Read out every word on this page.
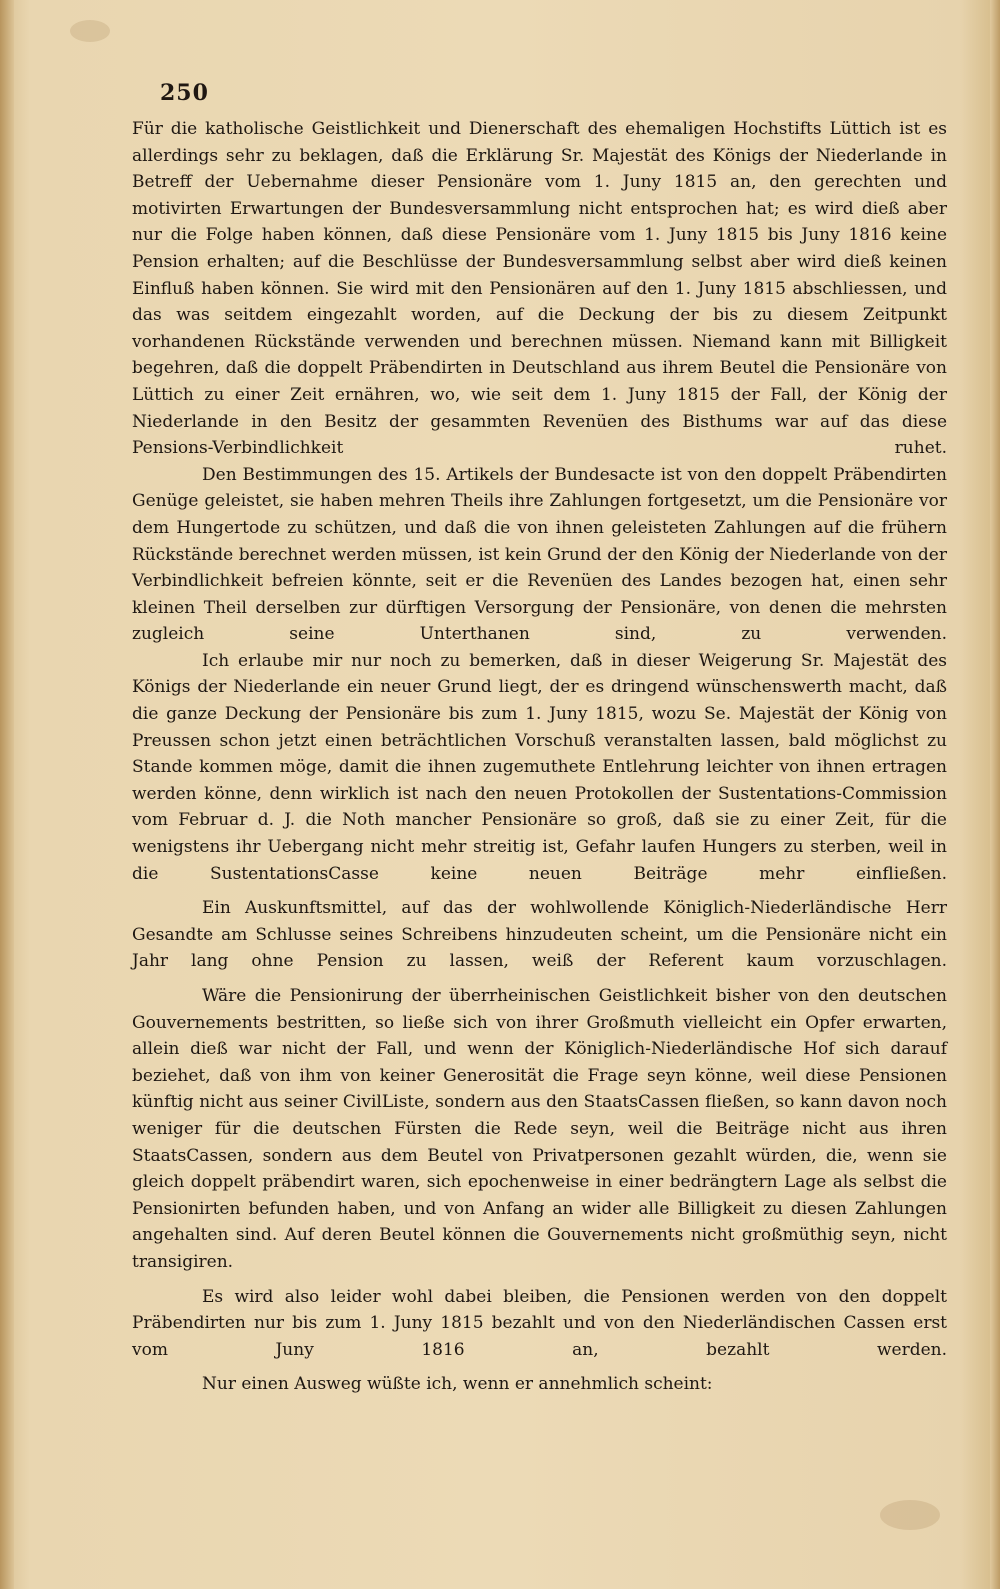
250

Für die katholische Geistlichkeit und Dienerschaft des ehemaligen Hochstifts Lüttich ist es allerdings sehr zu beklagen, daß die Erklärung Sr. Majestät des Königs der Niederlande in Betreff der Uebernahme dieser Pensionäre vom 1. Juny 1815 an, den gerechten und motivirten Erwartungen der Bundesversammlung nicht entsprochen hat; es wird dieß aber nur die Folge haben können, daß diese Pensionäre vom 1. Juny 1815 bis Juny 1816 keine Pension erhalten; auf die Beschlüsse der Bundesversammlung selbst aber wird dieß keinen Einfluß haben können. Sie wird mit den Pensionären auf den 1. Juny 1815 abschliessen, und das was seitdem eingezahlt worden, auf die Deckung der bis zu diesem Zeitpunkt vorhandenen Rückstände verwenden und berechnen müssen. Niemand kann mit Billigkeit begehren, daß die doppelt Präbendirten in Deutschland aus ihrem Beutel die Pensionäre von Lüttich zu einer Zeit ernähren, wo, wie seit dem 1. Juny 1815 der Fall, der König der Niederlande in den Besitz der gesammten Revenüen des Bisthums war auf das diese Pensions-Verbindlichkeit ruhet.

Den Bestimmungen des 15. Artikels der Bundesacte ist von den doppelt Präbendirten Genüge geleistet, sie haben mehren Theils ihre Zahlungen fortgesetzt, um die Pensionäre vor dem Hungertode zu schützen, und daß die von ihnen geleisteten Zahlungen auf die frühern Rückstände berechnet werden müssen, ist kein Grund der den König der Niederlande von der Verbindlichkeit befreien könnte, seit er die Revenüen des Landes bezogen hat, einen sehr kleinen Theil derselben zur dürftigen Versorgung der Pensionäre, von denen die mehrsten zugleich seine Unterthanen sind, zu verwenden.

Ich erlaube mir nur noch zu bemerken, daß in dieser Weigerung Sr. Majestät des Königs der Niederlande ein neuer Grund liegt, der es dringend wünschenswerth macht, daß die ganze Deckung der Pensionäre bis zum 1. Juny 1815, wozu Se. Majestät der König von Preussen schon jetzt einen beträchtlichen Vorschuß veranstalten lassen, bald möglichst zu Stande kommen möge, damit die ihnen zugemuthete Entlehrung leichter von ihnen ertragen werden könne, denn wirklich ist nach den neuen Protokollen der Sustentations-Commission vom Februar d. J. die Noth mancher Pensionäre so groß, daß sie zu einer Zeit, für die wenigstens ihr Uebergang nicht mehr streitig ist, Gefahr laufen Hungers zu sterben, weil in die SustentationsCasse keine neuen Beiträge mehr einfließen.

Ein Auskunftsmittel, auf das der wohlwollende Königlich-Niederländische Herr Gesandte am Schlusse seines Schreibens hinzudeuten scheint, um die Pensionäre nicht ein Jahr lang ohne Pension zu lassen, weiß der Referent kaum vorzuschlagen.

Wäre die Pensionirung der überrheinischen Geistlichkeit bisher von den deutschen Gouvernements bestritten, so ließe sich von ihrer Großmuth vielleicht ein Opfer erwarten, allein dieß war nicht der Fall, und wenn der Königlich-Niederländische Hof sich darauf beziehet, daß von ihm von keiner Generosität die Frage seyn könne, weil diese Pensionen künftig nicht aus seiner CivilListe, sondern aus den StaatsCassen fließen, so kann davon noch weniger für die deutschen Fürsten die Rede seyn, weil die Beiträge nicht aus ihren StaatsCassen, sondern aus dem Beutel von Privatpersonen gezahlt würden, die, wenn sie gleich doppelt präbendirt waren, sich epochenweise in einer bedrängtern Lage als selbst die Pensionirten befunden haben, und von Anfang an wider alle Billigkeit zu diesen Zahlungen angehalten sind. Auf deren Beutel können die Gouvernements nicht großmüthig seyn, nicht transigiren.

Es wird also leider wohl dabei bleiben, die Pensionen werden von den doppelt Präbendirten nur bis zum 1. Juny 1815 bezahlt und von den Niederländischen Cassen erst vom Juny 1816 an, bezahlt werden.

Nur einen Ausweg wüßte ich, wenn er annehmlich scheint:
